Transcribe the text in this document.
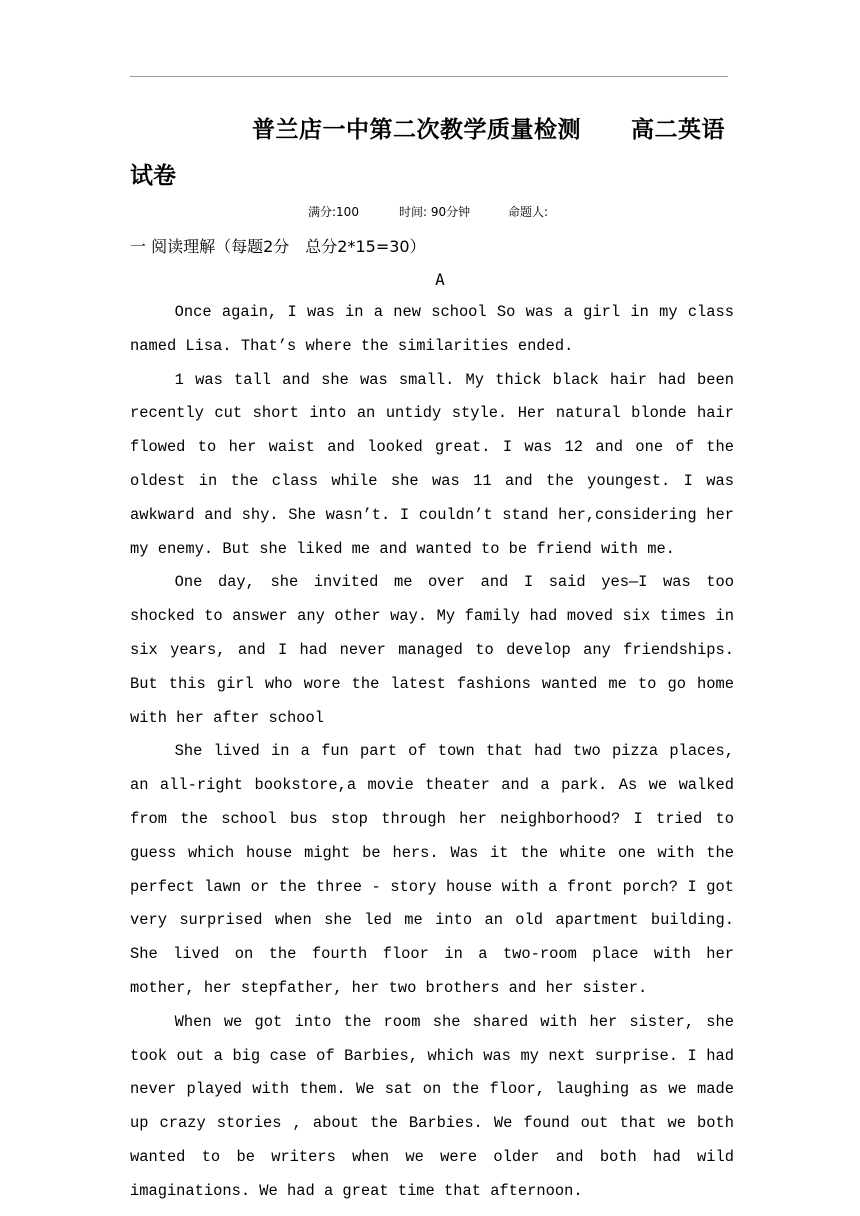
普兰店一中第二次教学质量检测 高二英语
试卷
满分:100	时间: 90分钟	命题人:
一 阅读理解（每题2分 总分2*15=30）
A

Once again, I was in a new school So was a girl in my class named Lisa. That’s where the similarities ended.

1 was tall and she was small. My thick black hair had been recently cut short into an untidy style. Her natural blonde hair flowed to her waist and looked great. I was 12 and one of the oldest in the class while she was 11 and the youngest. I was awkward and shy. She wasn’t. I couldn’t stand her,considering her my enemy. But she liked me and wanted to be friend with me.

One day, she invited me over and I said yes—I was too shocked to answer any other way. My family had moved six times in six years, and I had never managed to develop any friendships. But this girl who wore the latest fashions wanted me to go home with her after school

She lived in a fun part of town that had two pizza places, an all-right bookstore,a movie theater and a park. As we walked from the school bus stop through her neighborhood? I tried to guess which house might be hers. Was it the white one with the perfect lawn or the three - story house with a front porch? I got very surprised when she led me into an old apartment building. She lived on the fourth floor in a two-room place with her mother, her stepfather, her two brothers and her sister.

When we got into the room she shared with her sister, she took out a big case of Barbies, which was my next surprise. I had never played with them. We sat on the floor, laughing as we made up crazy stories , about the Barbies. We found out that we both wanted to be writers when we were older and both had wild imaginations. We had a great time that afternoon.
